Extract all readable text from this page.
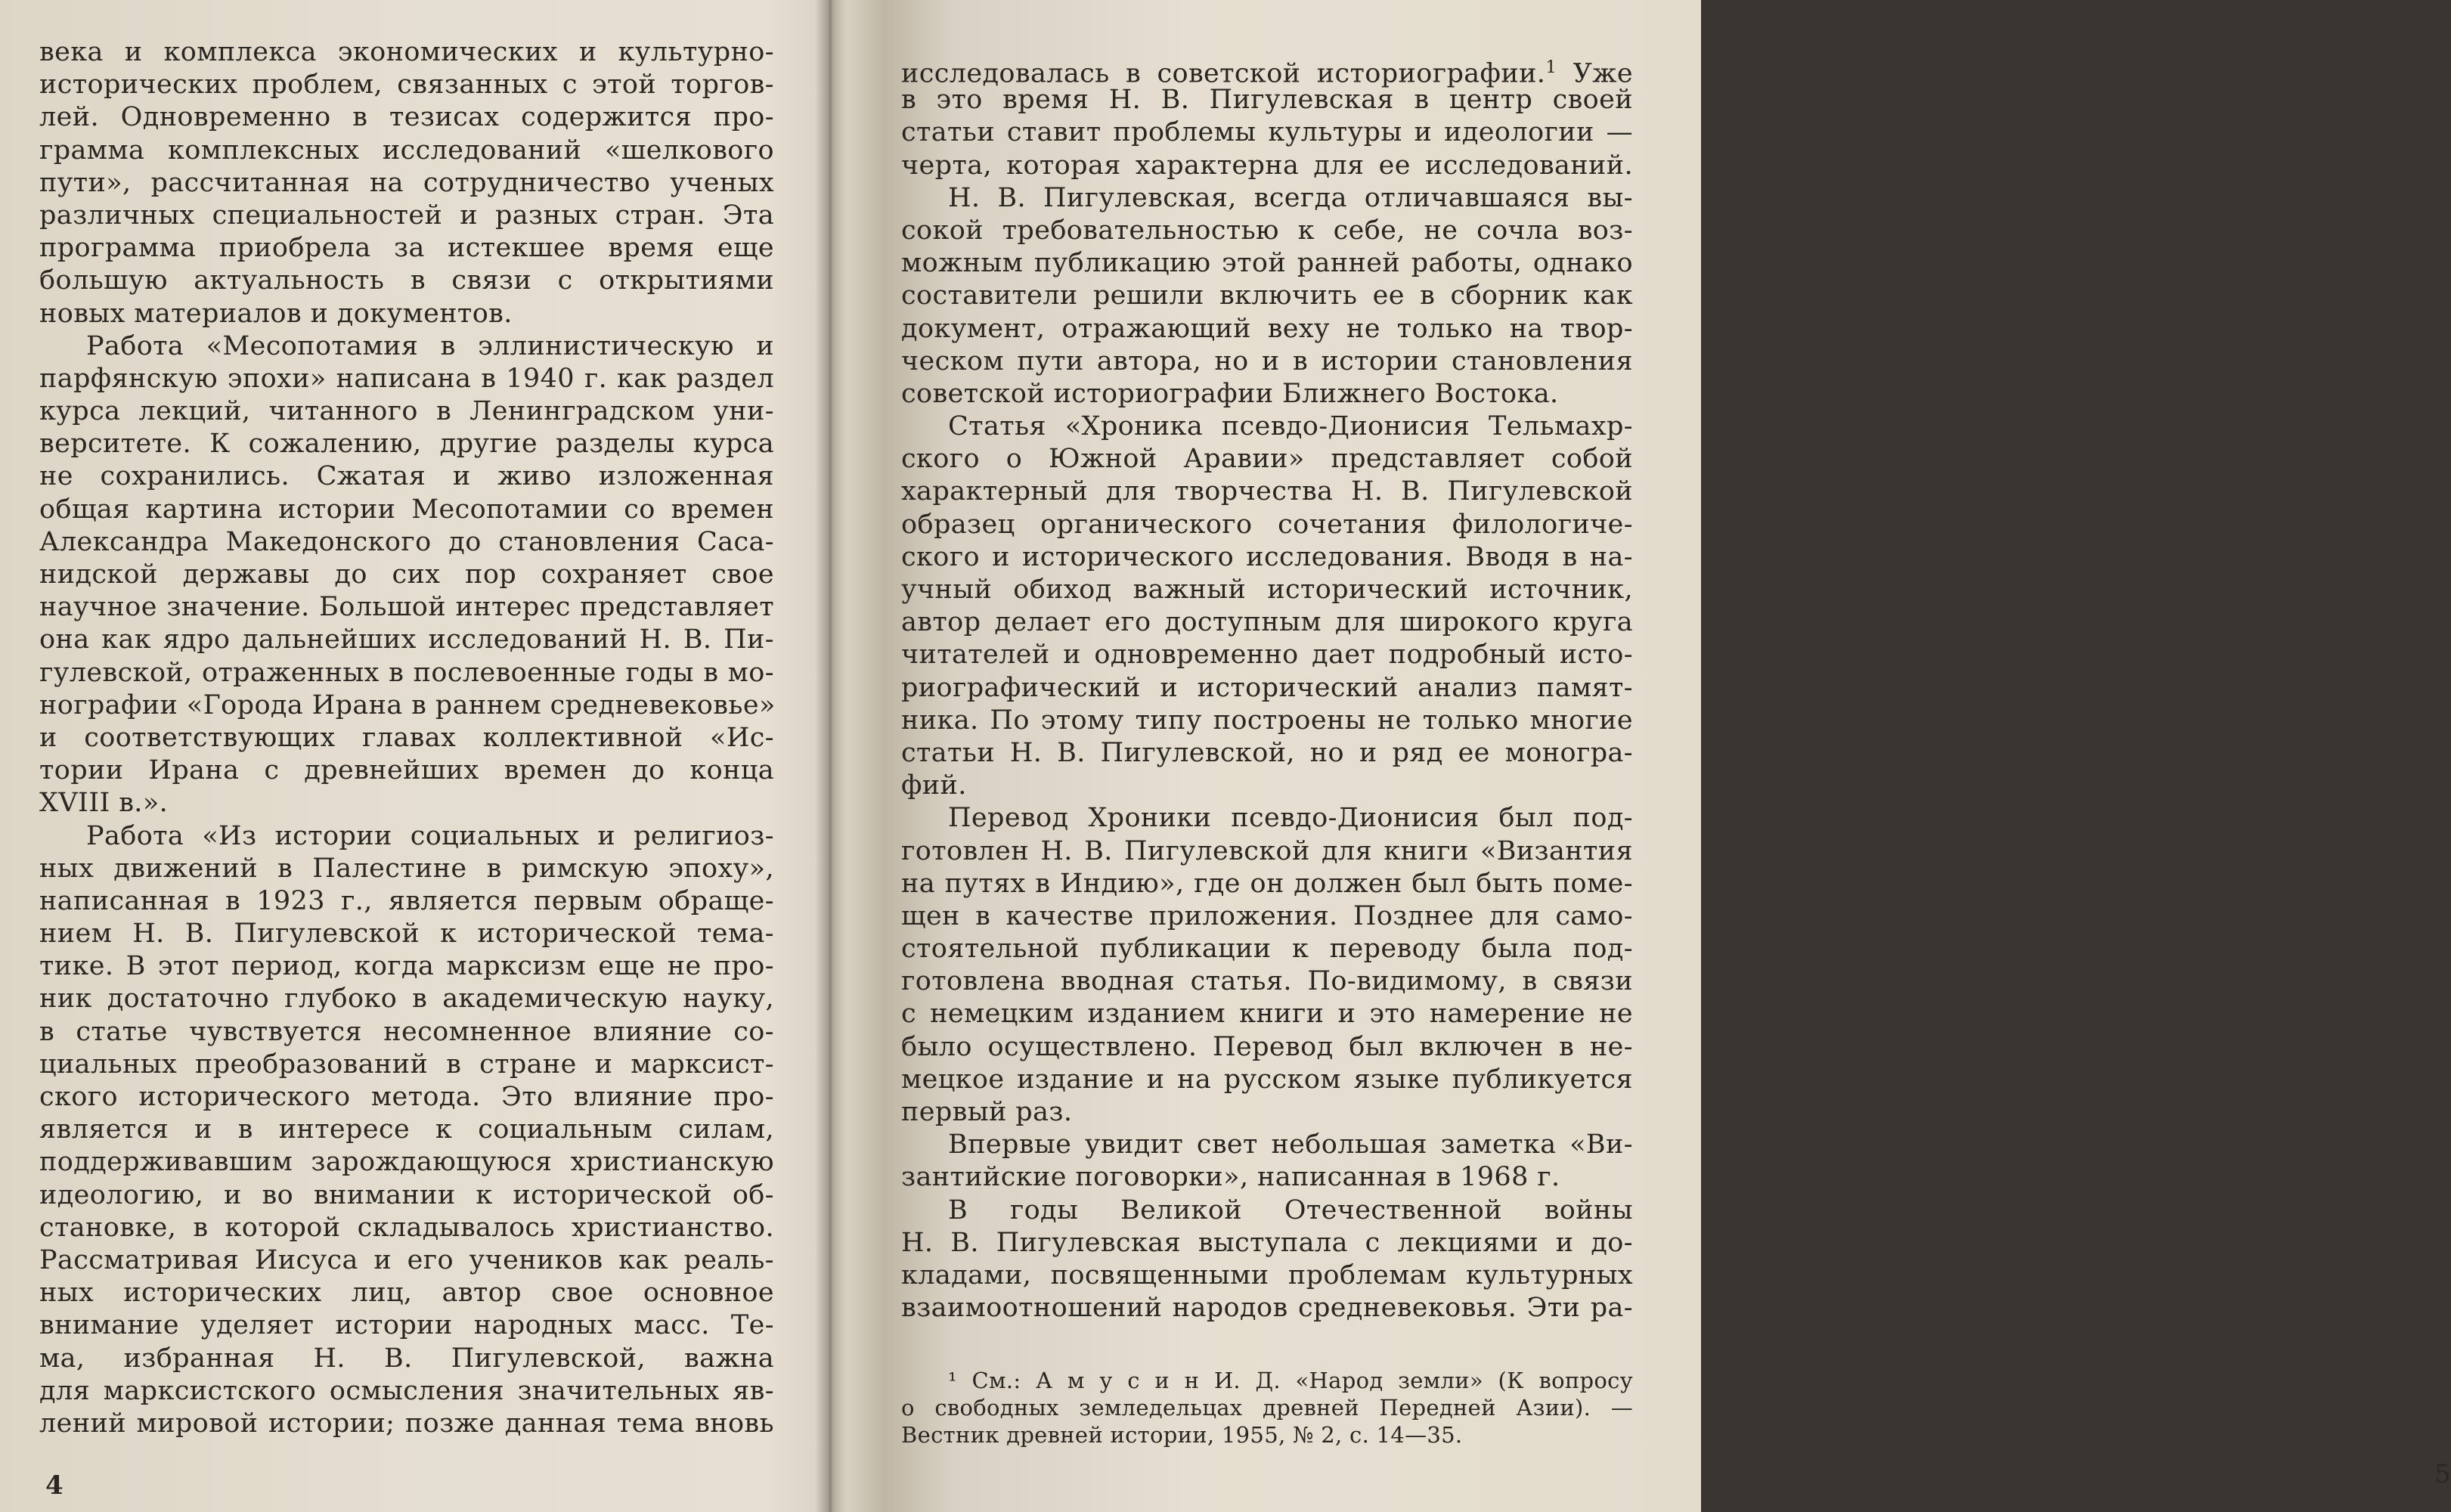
века и комплекса экономических и культурно-
исторических проблем, связанных с этой торгов-
лей. Одновременно в тезисах содержится про-
грамма комплексных исследований «шелкового
пути», рассчитанная на сотрудничество ученых
различных специальностей и разных стран. Эта
программа приобрела за истекшее время еще
большую актуальность в связи с открытиями
новых материалов и документов.
Работа «Месопотамия в эллинистическую и
парфянскую эпохи» написана в 1940 г. как раздел
курса лекций, читанного в Ленинградском уни-
верситете. К сожалению, другие разделы курса
не сохранились. Сжатая и живо изложенная
общая картина истории Месопотамии со времен
Александра Македонского до становления Саса-
нидской державы до сих пор сохраняет свое
научное значение. Большой интерес представляет
она как ядро дальнейших исследований Н. В. Пи-
гулевской, отраженных в послевоенные годы в мо-
нографии «Города Ирана в раннем средневековье»
и соответствующих главах коллективной «Ис-
тории Ирана с древнейших времен до конца
XVIII в.».
Работа «Из истории социальных и религиоз-
ных движений в Палестине в римскую эпоху»,
написанная в 1923 г., является первым обраще-
нием Н. В. Пигулевской к исторической тема-
тике. В этот период, когда марксизм еще не про-
ник достаточно глубоко в академическую науку,
в статье чувствуется несомненное влияние со-
циальных преобразований в стране и марксист-
ского исторического метода. Это влияние про-
является и в интересе к социальным силам,
поддерживавшим зарождающуюся христианскую
идеологию, и во внимании к исторической об-
становке, в которой складывалось христианство.
Рассматривая Иисуса и его учеников как реаль-
ных исторических лиц, автор свое основное
внимание уделяет истории народных масс. Те-
ма, избранная Н. В. Пигулевской, важна
для марксистского осмысления значительных яв-
лений мировой истории; позже данная тема вновь
4
исследовалась в советской историографии.$^1$ Уже
в это время Н. В. Пигулевская в центр своей
статьи ставит проблемы культуры и идеологии —
черта, которая характерна для ее исследований.
Н. В. Пигулевская, всегда отличавшаяся вы-
сокой требовательностью к себе, не сочла воз-
можным публикацию этой ранней работы, однако
составители решили включить ее в сборник как
документ, отражающий веху не только на твор-
ческом пути автора, но и в истории становления
советской историографии Ближнего Востока.
Статья «Хроника псевдо-Дионисия Тельмахр-
ского о Южной Аравии» представляет собой
характерный для творчества Н. В. Пигулевской
образец органического сочетания филологиче-
ского и исторического исследования. Вводя в на-
учный обиход важный исторический источник,
автор делает его доступным для широкого круга
читателей и одновременно дает подробный исто-
риографический и исторический анализ памят-
ника. По этому типу построены не только многие
статьи Н. В. Пигулевской, но и ряд ее моногра-
фий.
Перевод Хроники псевдо-Дионисия был под-
готовлен Н. В. Пигулевской для книги «Византия
на путях в Индию», где он должен был быть поме-
щен в качестве приложения. Позднее для само-
стоятельной публикации к переводу была под-
готовлена вводная статья. По-видимому, в связи
с немецким изданием книги и это намерение не
было осуществлено. Перевод был включен в не-
мецкое издание и на русском языке публикуется
первый раз.
Впервые увидит свет небольшая заметка «Ви-
зантийские поговорки», написанная в 1968 г.
В годы Великой Отечественной войны
Н. В. Пигулевская выступала с лекциями и до-
кладами, посвященными проблемам культурных
взаимоотношений народов средневековья. Эти ра-
¹ См.: А м у с и н И. Д. «Народ земли» (К вопросу
о свободных земледельцах древней Передней Азии). —
Вестник древней истории, 1955, № 2, с. 14—35.
5
